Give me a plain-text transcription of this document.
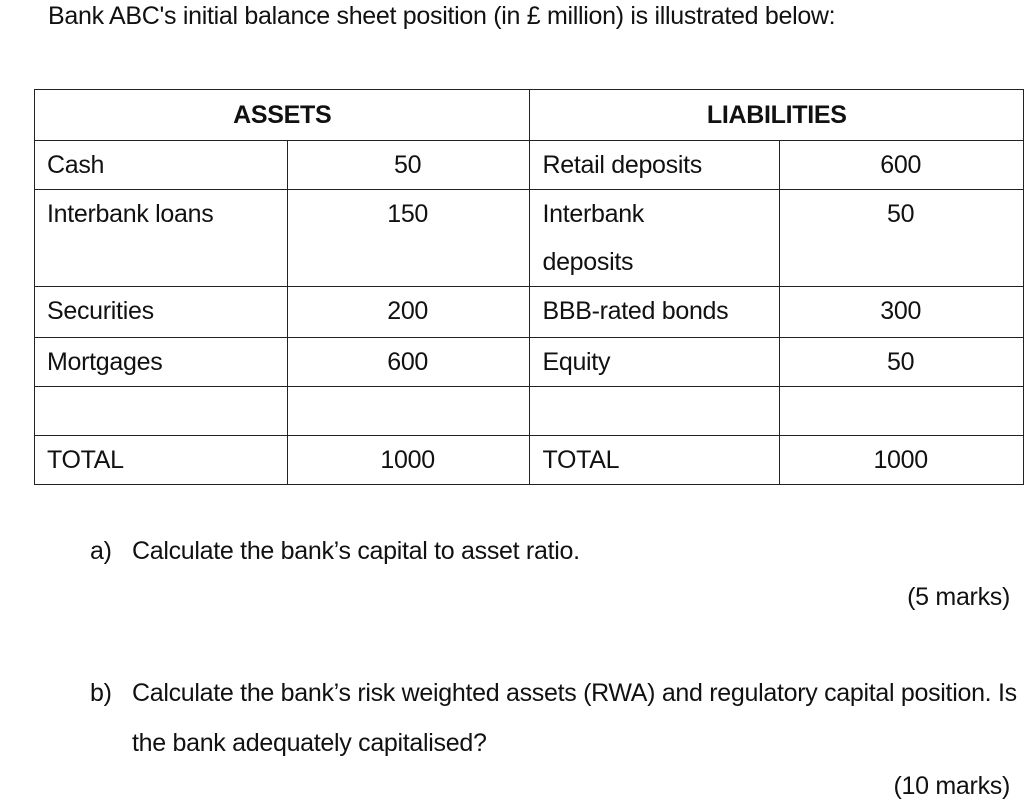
Bank ABC's initial balance sheet position (in £ million) is illustrated below:
ASSETS		LIABILITIES	
Cash	50	Retail deposits	600
Interbank loans	150	Interbank deposits	50
Securities	200	BBB-rated bonds	300
Mortgages	600	Equity	50

TOTAL	1000	TOTAL	1000
a) Calculate the bank’s capital to asset ratio.
(5 marks)
b) Calculate the bank’s risk weighted assets (RWA) and regulatory capital position. Is the bank adequately capitalised?
(10 marks)
